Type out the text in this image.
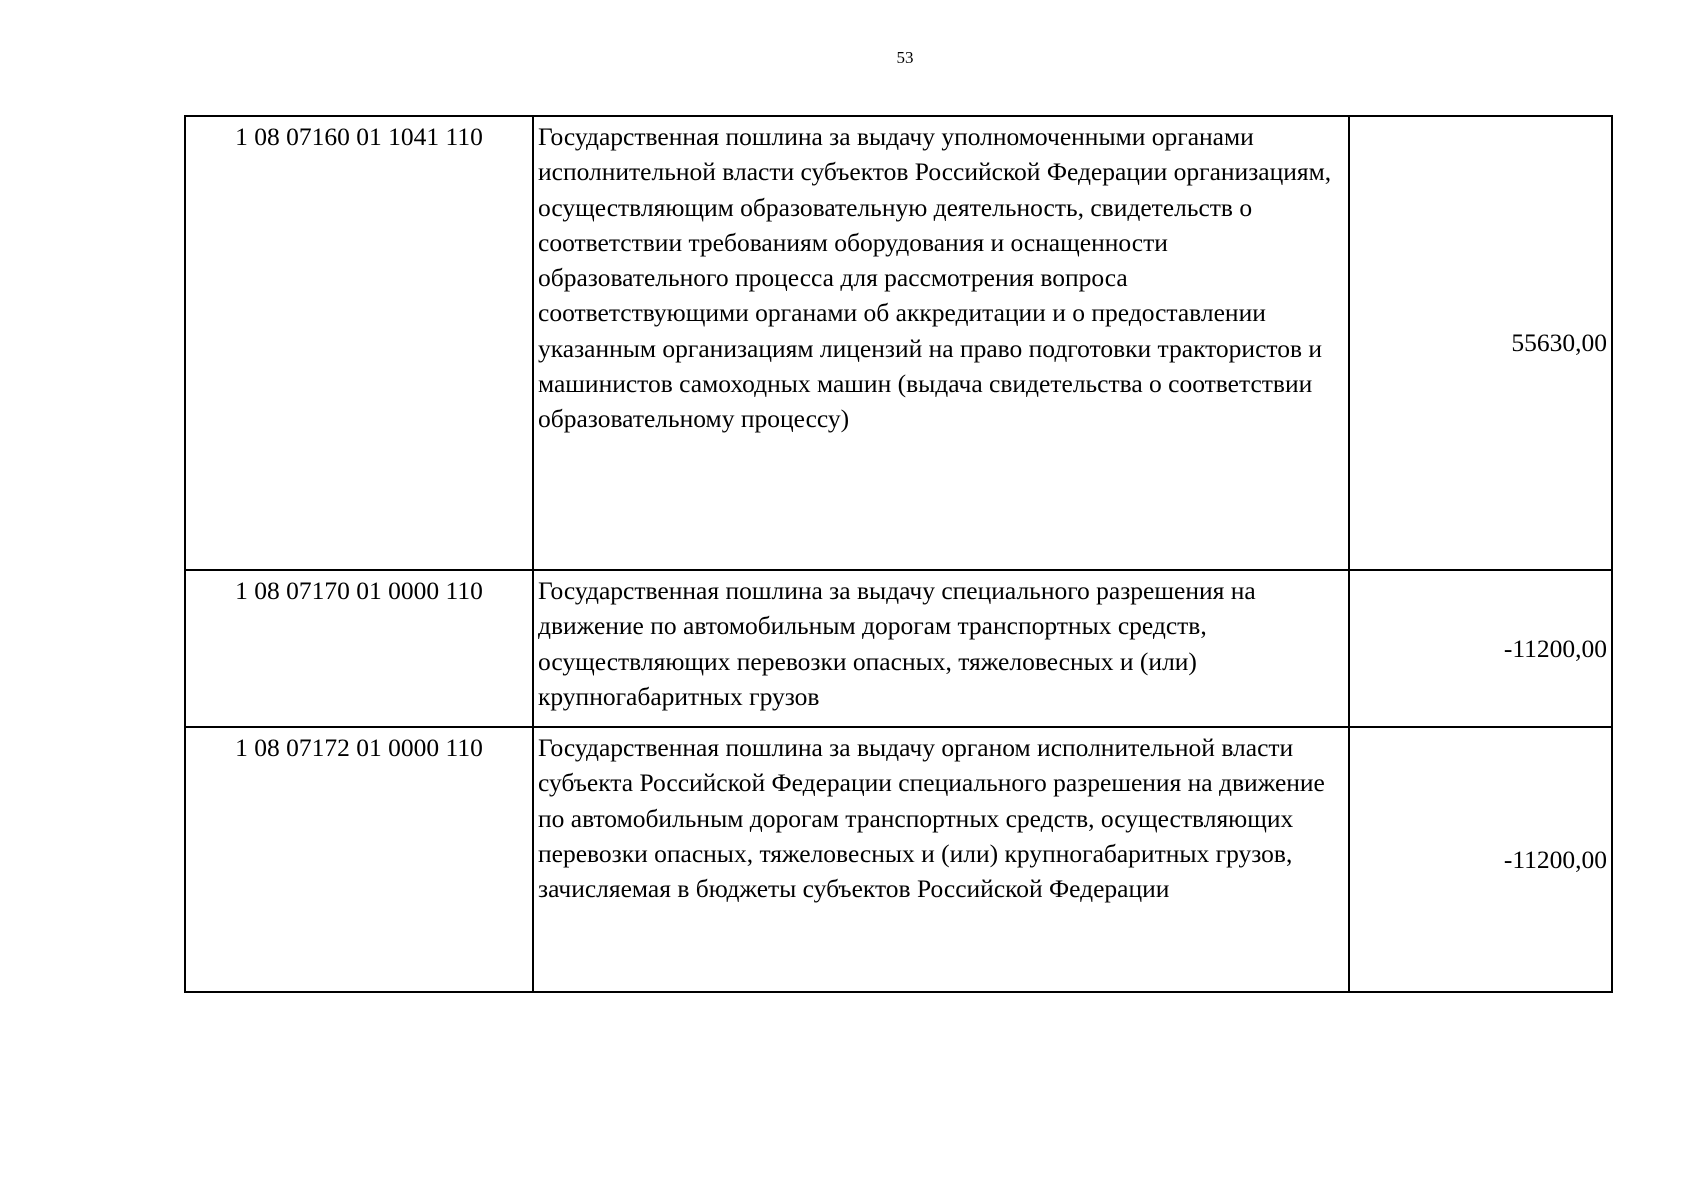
53
1 08 07160 01 1041 110	Государственная пошлина за выдачу уполномоченными органами исполнительной власти субъектов Российской Федерации организациям, осуществляющим образовательную деятельность, свидетельств о соответствии требованиям оборудования и оснащенности образовательного процесса для рассмотрения вопроса соответствующими органами об аккредитации и о предоставлении указанным организациям лицензий на право подготовки трактористов и машинистов самоходных машин (выдача свидетельства о соответствии образовательному процессу)	55630,00
1 08 07170 01 0000 110	Государственная пошлина за выдачу специального разрешения на движение по автомобильным дорогам транспортных средств, осуществляющих перевозки опасных, тяжеловесных и (или) крупногабаритных грузов	-11200,00
1 08 07172 01 0000 110	Государственная пошлина за выдачу органом исполнительной власти субъекта Российской Федерации специального разрешения на движение по автомобильным дорогам транспортных средств, осуществляющих перевозки опасных, тяжеловесных и (или) крупногабаритных грузов, зачисляемая в бюджеты субъектов Российской Федерации	-11200,00
